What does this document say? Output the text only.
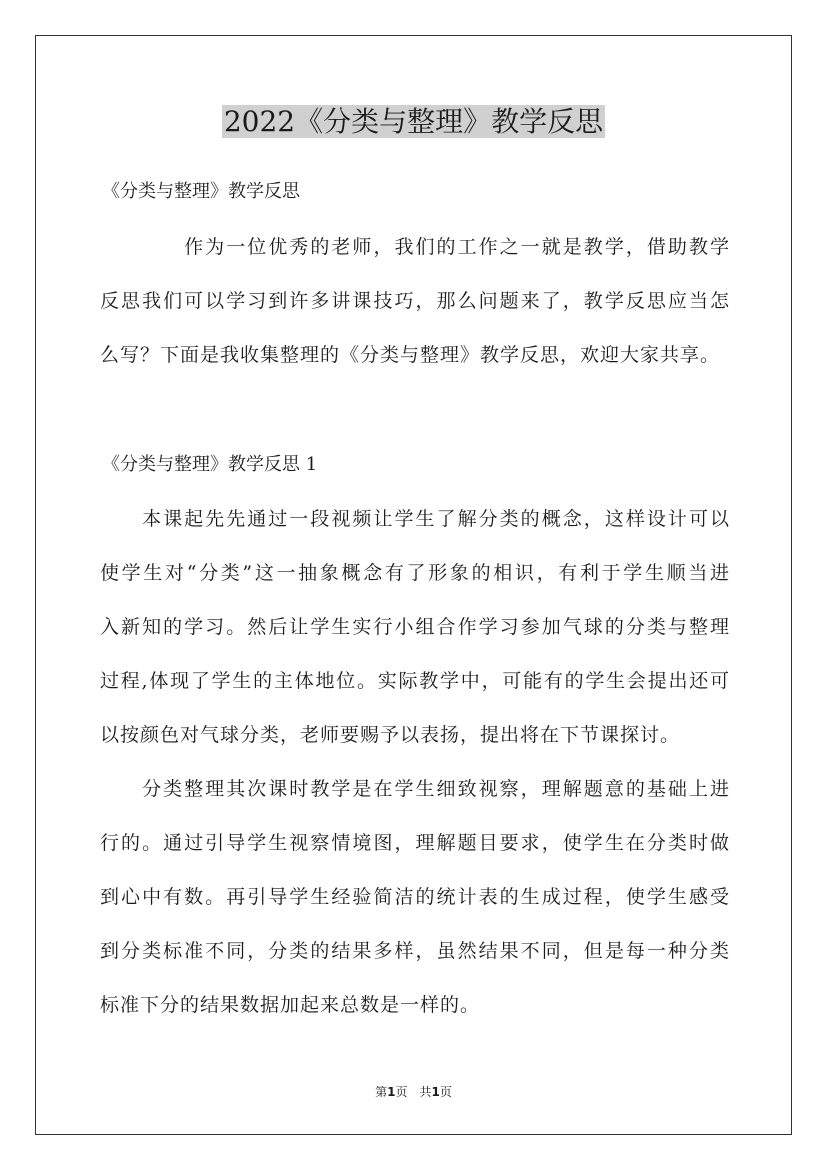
2022《分类与整理》教学反思

《分类与整理》教学反思

　　　　作为一位优秀的老师，我们的工作之一就是教学，借助教学
反思我们可以学习到许多讲课技巧，那么问题来了，教学反思应当怎
么写？下面是我收集整理的《分类与整理》教学反思，欢迎大家共享。

《分类与整理》教学反思 1

　　本课起先先通过一段视频让学生了解分类的概念，这样设计可以
使学生对“分类”这一抽象概念有了形象的相识，有利于学生顺当进
入新知的学习。然后让学生实行小组合作学习参加气球的分类与整理
过程,体现了学生的主体地位。实际教学中，可能有的学生会提出还可
以按颜色对气球分类，老师要赐予以表扬，提出将在下节课探讨。
　　分类整理其次课时教学是在学生细致视察，理解题意的基础上进
行的。通过引导学生视察情境图，理解题目要求，使学生在分类时做
到心中有数。再引导学生经验简洁的统计表的生成过程，使学生感受
到分类标准不同，分类的结果多样，虽然结果不同，但是每一种分类
标准下分的结果数据加起来总数是一样的。
第1页　共1页
